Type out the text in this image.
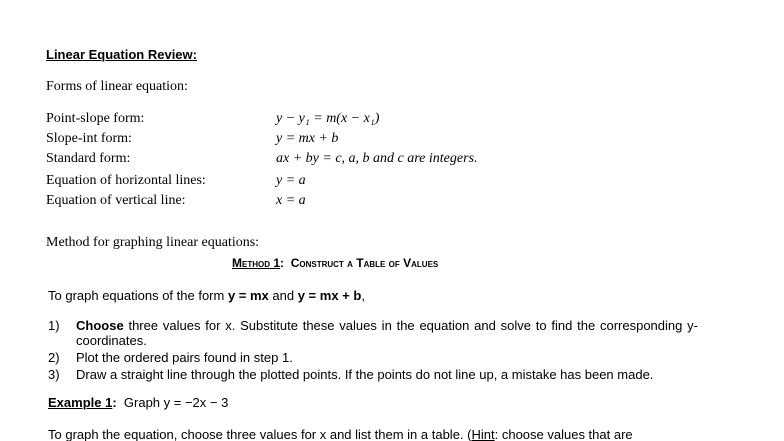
Linear Equation Review:
Forms of linear equation:
Point-slope form:	y − y₁ = m(x − x₁)
Slope-int form:	y = mx + b
Standard form:	ax + by = c, a, b and c are integers.
Equation of horizontal lines:	y = a
Equation of vertical line:	x = a
Method for graphing linear equations:
Method 1: Construct a Table of Values
To graph equations of the form y = mx and y = mx + b,
1) Choose three values for x. Substitute these values in the equation and solve to find the corresponding y-coordinates.
2) Plot the ordered pairs found in step 1.
3) Draw a straight line through the plotted points. If the points do not line up, a mistake has been made.
Example 1: Graph y = −2x − 3
To graph the equation, choose three values for x and list them in a table. (Hint: choose values that are
